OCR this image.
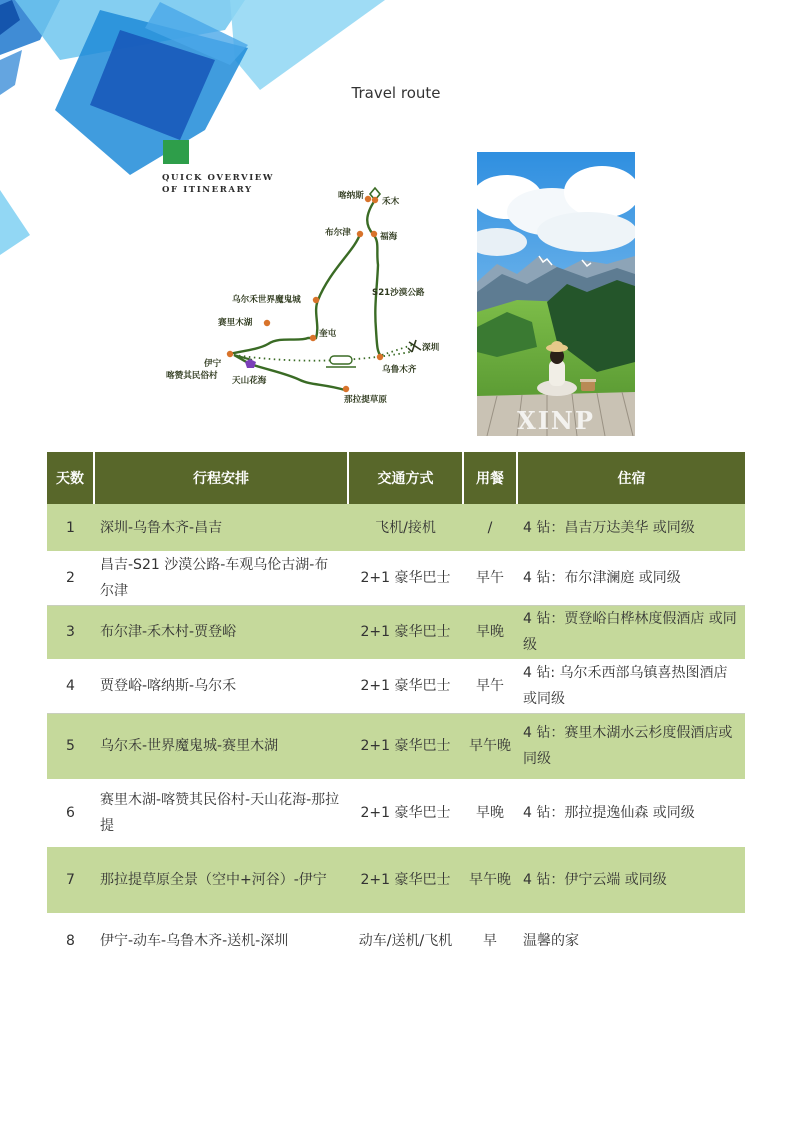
Travel route
QUICK OVERVIEW
OF ITINERARY
喀纳斯
禾木
布尔津	福海
S21沙漠公路
乌尔禾世界魔鬼城
赛里木湖
奎屯
深圳
伊宁
喀赞其民俗村 天山花海
乌鲁木齐
那拉提草原
XINP
天数	行程安排	交通方式	用餐	住宿
1	深圳-乌鲁木齐-昌吉	飞机/接机	/	4 钻：昌吉万达美华 或同级
2	昌吉-S21 沙漠公路-车观乌伦古湖-布尔津	2+1 豪华巴士	早午	4 钻：布尔津澜庭 或同级
3	布尔津-禾木村-贾登峪	2+1 豪华巴士	早晚	4 钻：贾登峪白桦林度假酒店 或同级
4	贾登峪-喀纳斯-乌尔禾	2+1 豪华巴士	早午	4 钻: 乌尔禾西部乌镇喜热图酒店或同级
5	乌尔禾-世界魔鬼城-赛里木湖	2+1 豪华巴士	早午晚	4 钻：赛里木湖水云杉度假酒店或同级
6	赛里木湖-喀赞其民俗村-天山花海-那拉提	2+1 豪华巴士	早晚	4 钻：那拉提逸仙森 或同级
7	那拉提草原全景（空中+河谷）-伊宁	2+1 豪华巴士	早午晚	4 钻：伊宁云端 或同级
8	伊宁-动车-乌鲁木齐-送机-深圳	动车/送机/飞机	早	温馨的家
